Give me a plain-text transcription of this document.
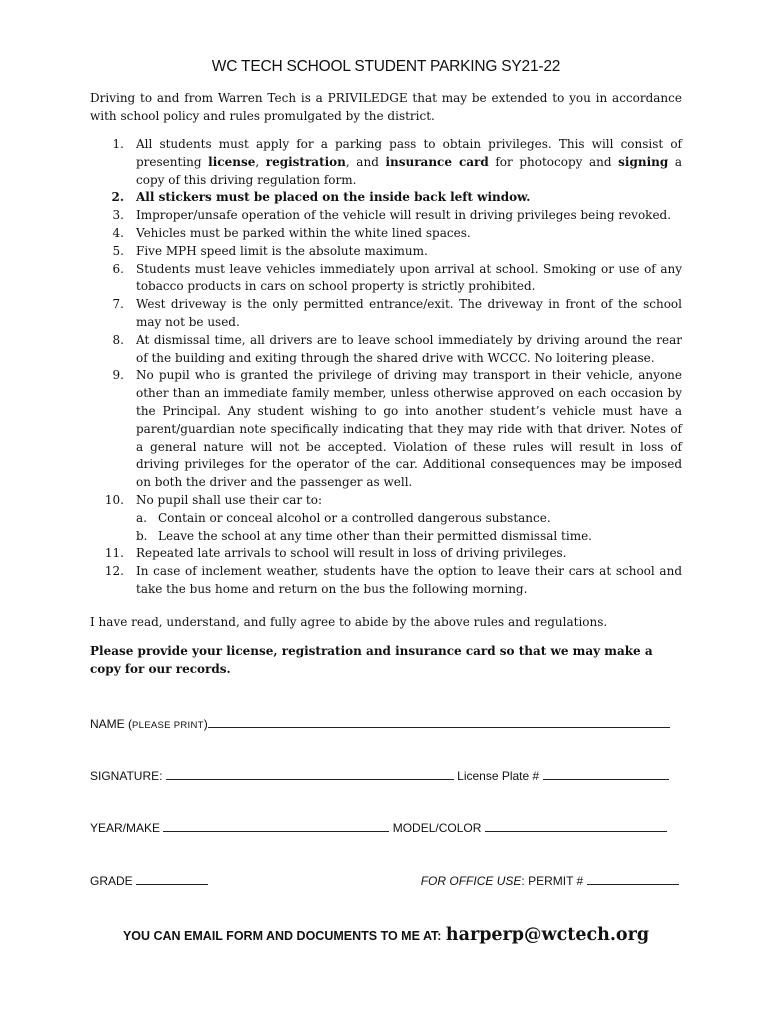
WC TECH SCHOOL STUDENT PARKING SY21-22
Driving to and from Warren Tech is a PRIVILEDGE that may be extended to you in accordance with school policy and rules promulgated by the district.
1. All students must apply for a parking pass to obtain privileges. This will consist of presenting license, registration, and insurance card for photocopy and signing a copy of this driving regulation form.
2. All stickers must be placed on the inside back left window.
3. Improper/unsafe operation of the vehicle will result in driving privileges being revoked.
4. Vehicles must be parked within the white lined spaces.
5. Five MPH speed limit is the absolute maximum.
6. Students must leave vehicles immediately upon arrival at school. Smoking or use of any tobacco products in cars on school property is strictly prohibited.
7. West driveway is the only permitted entrance/exit. The driveway in front of the school may not be used.
8. At dismissal time, all drivers are to leave school immediately by driving around the rear of the building and exiting through the shared drive with WCCC. No loitering please.
9. No pupil who is granted the privilege of driving may transport in their vehicle, anyone other than an immediate family member, unless otherwise approved on each occasion by the Principal. Any student wishing to go into another student’s vehicle must have a parent/guardian note specifically indicating that they may ride with that driver. Notes of a general nature will not be accepted. Violation of these rules will result in loss of driving privileges for the operator of the car. Additional consequences may be imposed on both the driver and the passenger as well.
10. No pupil shall use their car to:
a. Contain or conceal alcohol or a controlled dangerous substance.
b. Leave the school at any time other than their permitted dismissal time.
11. Repeated late arrivals to school will result in loss of driving privileges.
12. In case of inclement weather, students have the option to leave their cars at school and take the bus home and return on the bus the following morning.
I have read, understand, and fully agree to abide by the above rules and regulations.
Please provide your license, registration and insurance card so that we may make a copy for our records.
NAME (PLEASE PRINT)
SIGNATURE:	License Plate #
YEAR/MAKE	MODEL/COLOR
GRADE	FOR OFFICE USE: PERMIT #
YOU CAN EMAIL FORM AND DOCUMENTS TO ME AT: harperp@wctech.org
